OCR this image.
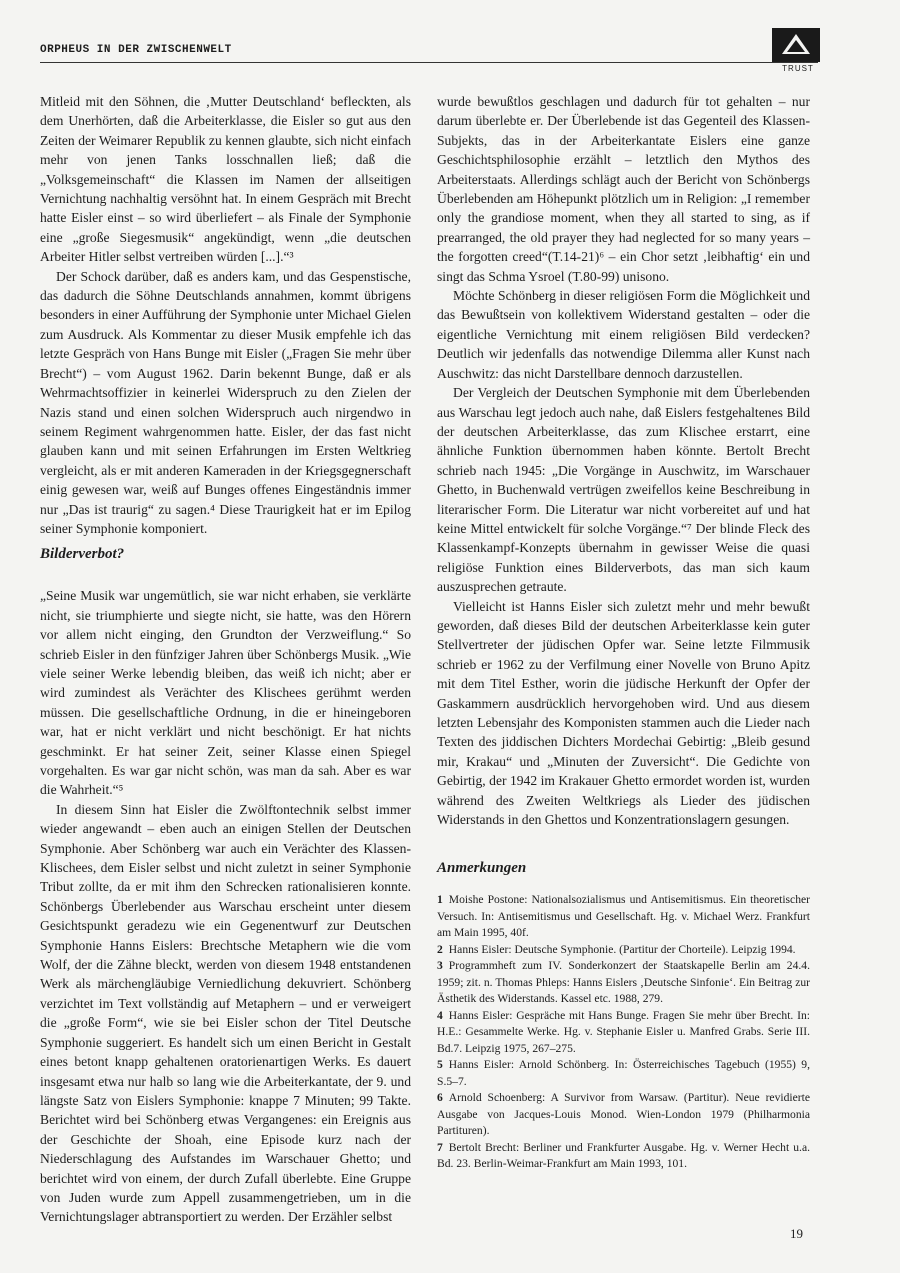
ORPHEUS IN DER ZWISCHENWELT
TRUST

Mitleid mit den Söhnen, die ‚Mutter Deutschland‘ befleckten, als dem Unerhörten, daß die Arbeiterklasse, die Eisler so gut aus den Zeiten der Weimarer Republik zu kennen glaubte, sich nicht einfach mehr von jenen Tanks losschnallen ließ; daß die „Volksgemeinschaft“ die Klassen im Namen der allseitigen Vernichtung nachhaltig versöhnt hat. In einem Gespräch mit Brecht hatte Eisler einst – so wird überliefert – als Finale der Symphonie eine „große Siegesmusik“ angekündigt, wenn „die deutschen Arbeiter Hitler selbst vertreiben würden [...].“³

Der Schock darüber, daß es anders kam, und das Gespenstische, das dadurch die Söhne Deutschlands annahmen, kommt übrigens besonders in einer Aufführung der Symphonie unter Michael Gielen zum Ausdruck. Als Kommentar zu dieser Musik empfehle ich das letzte Gespräch von Hans Bunge mit Eisler („Fragen Sie mehr über Brecht“) – vom August 1962. Darin bekennt Bunge, daß er als Wehrmachtsoffizier in keinerlei Widerspruch zu den Zielen der Nazis stand und einen solchen Widerspruch auch nirgendwo in seinem Regiment wahrgenommen hatte. Eisler, der das fast nicht glauben kann und mit seinen Erfahrungen im Ersten Weltkrieg vergleicht, als er mit anderen Kameraden in der Kriegsgegnerschaft einig gewesen war, weiß auf Bunges offenes Eingeständnis immer nur „Das ist traurig“ zu sagen.⁴ Diese Traurigkeit hat er im Epilog seiner Symphonie komponiert.

„Seine Musik war ungemütlich, sie war nicht erhaben, sie verklärte nicht, sie triumphierte und siegte nicht, sie hatte, was den Hörern vor allem nicht einging, den Grundton der Verzweiflung.“ So schrieb Eisler in den fünfziger Jahren über Schönbergs Musik. „Wie viele seiner Werke lebendig bleiben, das weiß ich nicht; aber er wird zumindest als Verächter des Klischees gerühmt werden müssen. Die gesellschaftliche Ordnung, in die er hineingeboren war, hat er nicht verklärt und nicht beschönigt. Er hat nichts geschminkt. Er hat seiner Zeit, seiner Klasse einen Spiegel vorgehalten. Es war gar nicht schön, was man da sah. Aber es war die Wahrheit.“⁵

In diesem Sinn hat Eisler die Zwölftontechnik selbst immer wieder angewandt – eben auch an einigen Stellen der Deutschen Symphonie. Aber Schönberg war auch ein Verächter des Klassen-Klischees, dem Eisler selbst und nicht zuletzt in seiner Symphonie Tribut zollte, da er mit ihm den Schrecken rationalisieren konnte. Schönbergs Überlebender aus Warschau erscheint unter diesem Gesichtspunkt geradezu wie ein Gegenentwurf zur Deutschen Symphonie Hanns Eislers: Brechtsche Metaphern wie die vom Wolf, der die Zähne bleckt, werden von diesem 1948 entstandenen Werk als märchengläubige Verniedlichung dekuvriert. Schönberg verzichtet im Text vollständig auf Metaphern – und er verweigert die „große Form“, wie sie bei Eisler schon der Titel Deutsche Symphonie suggeriert. Es handelt sich um einen Bericht in Gestalt eines betont knapp gehaltenen oratorienartigen Werks. Es dauert insgesamt etwa nur halb so lang wie die Arbeiterkantate, der 9. und längste Satz von Eislers Symphonie: knappe 7 Minuten; 99 Takte. Berichtet wird bei Schönberg etwas Vergangenes: ein Ereignis aus der Geschichte der Shoah, eine Episode kurz nach der Niederschlagung des Aufstandes im Warschauer Ghetto; und berichtet wird von einem, der durch Zufall überlebte. Eine Gruppe von Juden wurde zum Appell zusammengetrieben, um in die Vernichtungslager abtransportiert zu werden. Der Erzähler selbst

Bilderverbot?

wurde bewußtlos geschlagen und dadurch für tot gehalten – nur darum überlebte er. Der Überlebende ist das Gegenteil des Klassen-Subjekts, das in der Arbeiterkantate Eislers eine ganze Geschichtsphilosophie erzählt – letztlich den Mythos des Arbeiterstaats. Allerdings schlägt auch der Bericht von Schönbergs Überlebenden am Höhepunkt plötzlich um in Religion: „I remember only the grandiose moment, when they all started to sing, as if prearranged, the old prayer they had neglected for so many years – the forgotten creed“(T.14-21)⁶ – ein Chor setzt ‚leibhaftig‘ ein und singt das Schma Ysroel (T.80-99) unisono.

Möchte Schönberg in dieser religiösen Form die Möglichkeit und das Bewußtsein von kollektivem Widerstand gestalten – oder die eigentliche Vernichtung mit einem religiösen Bild verdecken? Deutlich wir jedenfalls das notwendige Dilemma aller Kunst nach Auschwitz: das nicht Darstellbare dennoch darzustellen.

Der Vergleich der Deutschen Symphonie mit dem Überlebenden aus Warschau legt jedoch auch nahe, daß Eislers festgehaltenes Bild der deutschen Arbeiterklasse, das zum Klischee erstarrt, eine ähnliche Funktion übernommen haben könnte. Bertolt Brecht schrieb nach 1945: „Die Vorgänge in Auschwitz, im Warschauer Ghetto, in Buchenwald vertrügen zweifellos keine Beschreibung in literarischer Form. Die Literatur war nicht vorbereitet auf und hat keine Mittel entwickelt für solche Vorgänge.“⁷ Der blinde Fleck des Klassenkampf-Konzepts übernahm in gewisser Weise die quasi religiöse Funktion eines Bilderverbots, das man sich kaum auszusprechen getraute.

Vielleicht ist Hanns Eisler sich zuletzt mehr und mehr bewußt geworden, daß dieses Bild der deutschen Arbeiterklasse kein guter Stellvertreter der jüdischen Opfer war. Seine letzte Filmmusik schrieb er 1962 zu der Verfilmung einer Novelle von Bruno Apitz mit dem Titel Esther, worin die jüdische Herkunft der Opfer der Gaskammern ausdrücklich hervorgehoben wird. Und aus diesem letzten Lebensjahr des Komponisten stammen auch die Lieder nach Texten des jiddischen Dichters Mordechai Gebirtig: „Bleib gesund mir, Krakau“ und „Minuten der Zuversicht“. Die Gedichte von Gebirtig, der 1942 im Krakauer Ghetto ermordet worden ist, wurden während des Zweiten Weltkriegs als Lieder des jüdischen Widerstands in den Ghettos und Konzentrationslagern gesungen.

Anmerkungen

1 Moishe Postone: Nationalsozialismus und Antisemitismus. Ein theoretischer Versuch. In: Antisemitismus und Gesellschaft. Hg. v. Michael Werz. Frankfurt am Main 1995, 40f.

2 Hanns Eisler: Deutsche Symphonie. (Partitur der Chorteile). Leipzig 1994.

3 Programmheft zum IV. Sonderkonzert der Staatskapelle Berlin am 24.4. 1959; zit. n. Thomas Phleps: Hanns Eislers ‚Deutsche Sinfonie‘. Ein Beitrag zur Ästhetik des Widerstands. Kassel etc. 1988, 279.

4 Hanns Eisler: Gespräche mit Hans Bunge. Fragen Sie mehr über Brecht. In: H.E.: Gesammelte Werke. Hg. v. Stephanie Eisler u. Manfred Grabs. Serie III. Bd.7. Leipzig 1975, 267–275.

5 Hanns Eisler: Arnold Schönberg. In: Österreichisches Tagebuch (1955) 9, S.5–7.

6 Arnold Schoenberg: A Survivor from Warsaw. (Partitur). Neue revidierte Ausgabe von Jacques-Louis Monod. Wien-London 1979 (Philharmonia Partituren).

7 Bertolt Brecht: Berliner und Frankfurter Ausgabe. Hg. v. Werner Hecht u.a. Bd. 23. Berlin-Weimar-Frankfurt am Main 1993, 101.

19
